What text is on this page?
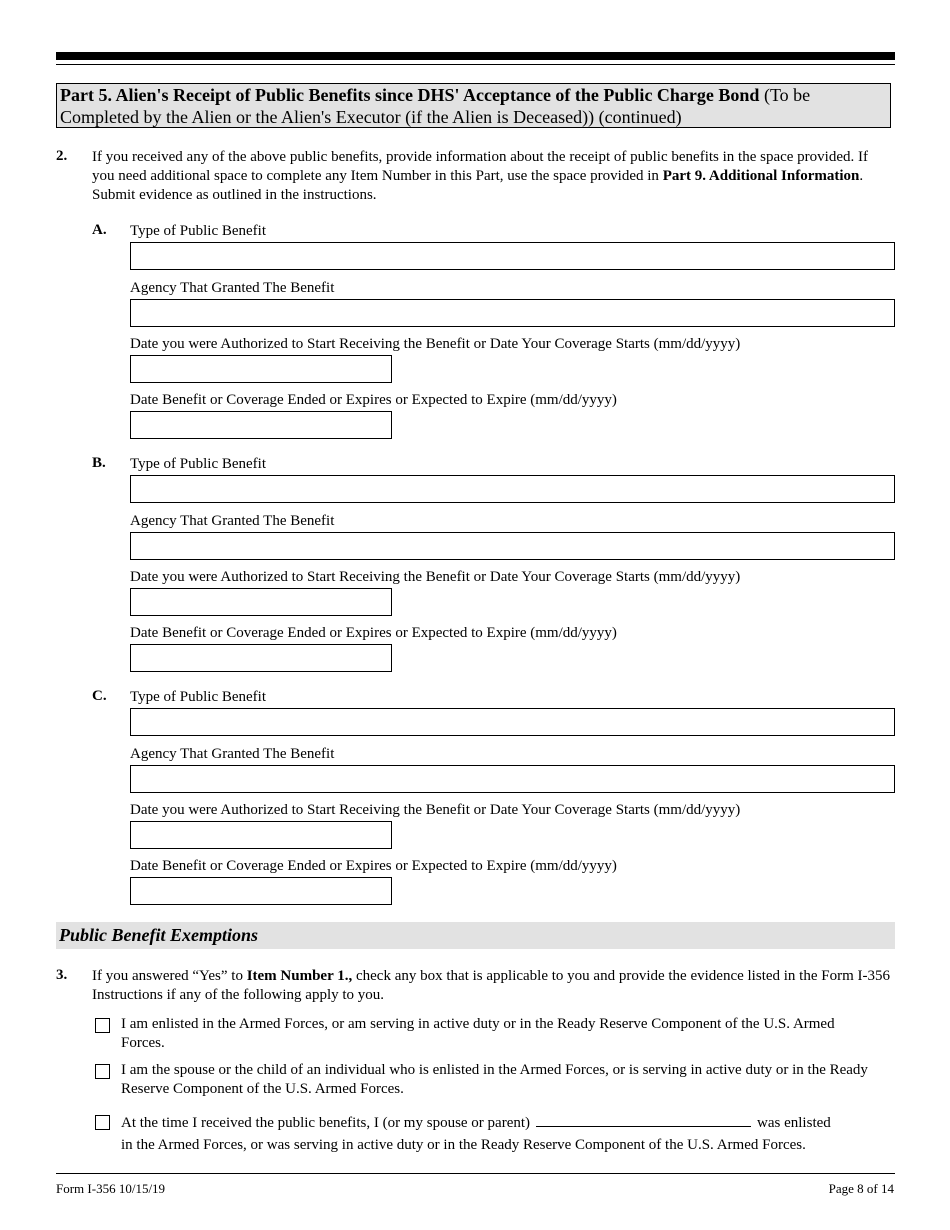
Part 5. Alien's Receipt of Public Benefits since DHS' Acceptance of the Public Charge Bond (To be Completed by the Alien or the Alien's Executor (if the Alien is Deceased)) (continued)
2. If you received any of the above public benefits, provide information about the receipt of public benefits in the space provided. If you need additional space to complete any Item Number in this Part, use the space provided in Part 9. Additional Information. Submit evidence as outlined in the instructions.
A. Type of Public Benefit
Agency That Granted The Benefit
Date you were Authorized to Start Receiving the Benefit or Date Your Coverage Starts (mm/dd/yyyy)
Date Benefit or Coverage Ended or Expires or Expected to Expire (mm/dd/yyyy)
B. Type of Public Benefit
Agency That Granted The Benefit
Date you were Authorized to Start Receiving the Benefit or Date Your Coverage Starts (mm/dd/yyyy)
Date Benefit or Coverage Ended or Expires or Expected to Expire (mm/dd/yyyy)
C. Type of Public Benefit
Agency That Granted The Benefit
Date you were Authorized to Start Receiving the Benefit or Date Your Coverage Starts (mm/dd/yyyy)
Date Benefit or Coverage Ended or Expires or Expected to Expire (mm/dd/yyyy)
Public Benefit Exemptions
3. If you answered “Yes” to Item Number 1., check any box that is applicable to you and provide the evidence listed in the Form I-356 Instructions if any of the following apply to you.
I am enlisted in the Armed Forces, or am serving in active duty or in the Ready Reserve Component of the U.S. Armed Forces.
I am the spouse or the child of an individual who is enlisted in the Armed Forces, or is serving in active duty or in the Ready Reserve Component of the U.S. Armed Forces.
At the time I received the public benefits, I (or my spouse or parent)	was enlisted
in the Armed Forces, or was serving in active duty or in the Ready Reserve Component of the U.S. Armed Forces.
Form I-356 10/15/19	Page 8 of 14
